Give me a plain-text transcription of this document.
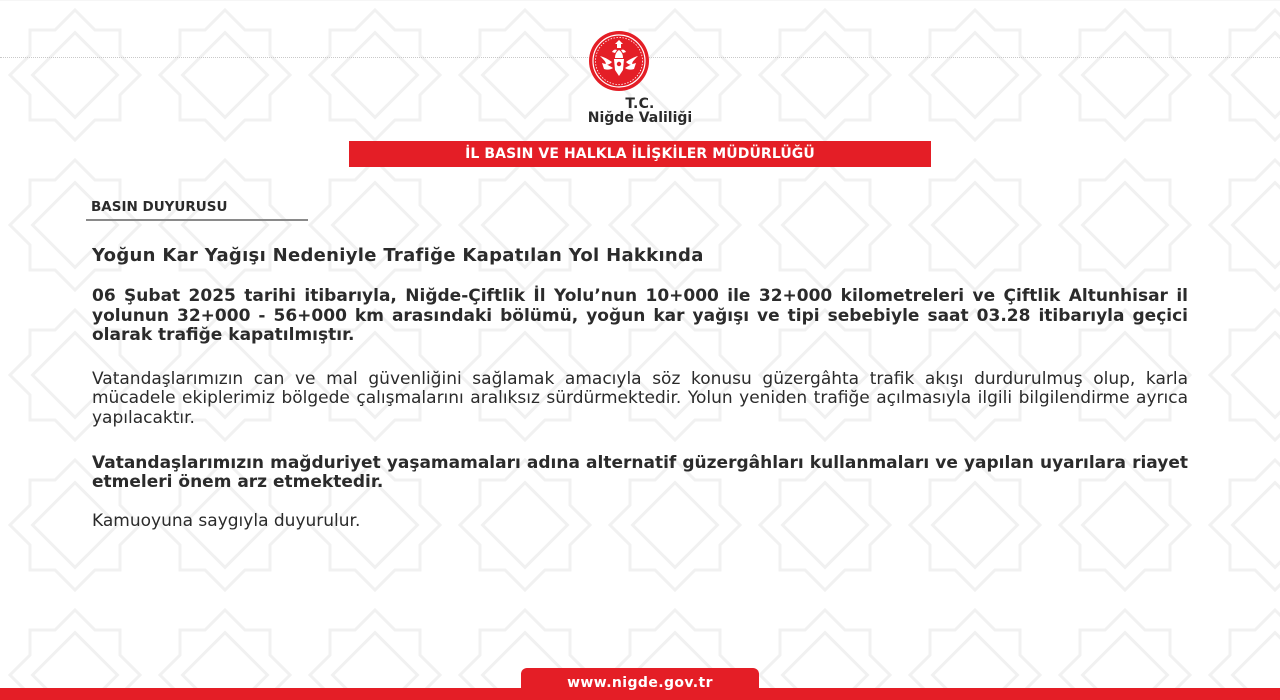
T.C.
Niğde Valiliği
İL BASIN VE HALKLA İLİŞKİLER MÜDÜRLÜĞÜ
BASIN DUYURUSU
Yoğun Kar Yağışı Nedeniyle Trafiğe Kapatılan Yol Hakkında

06 Şubat 2025 tarihi itibarıyla, Niğde-Çiftlik İl Yolu’nun 10+000 ile 32+000 kilometreleri ve Çiftlik Altunhisar il yolunun 32+000 - 56+000 km arasındaki bölümü, yoğun kar yağışı ve tipi sebebiyle saat 03.28 itibarıyla geçici olarak trafiğe kapatılmıştır.

Vatandaşlarımızın can ve mal güvenliğini sağlamak amacıyla söz konusu güzergâhta trafik akışı durdurulmuş olup, karla mücadele ekiplerimiz bölgede çalışmalarını aralıksız sürdürmektedir. Yolun yeniden trafiğe açılmasıyla ilgili bilgilendirme ayrıca yapılacaktır.

Vatandaşlarımızın mağduriyet yaşamamaları adına alternatif güzergâhları kullanmaları ve yapılan uyarılara riayet etmeleri önem arz etmektedir.

Kamuoyuna saygıyla duyurulur.

www.nigde.gov.tr
